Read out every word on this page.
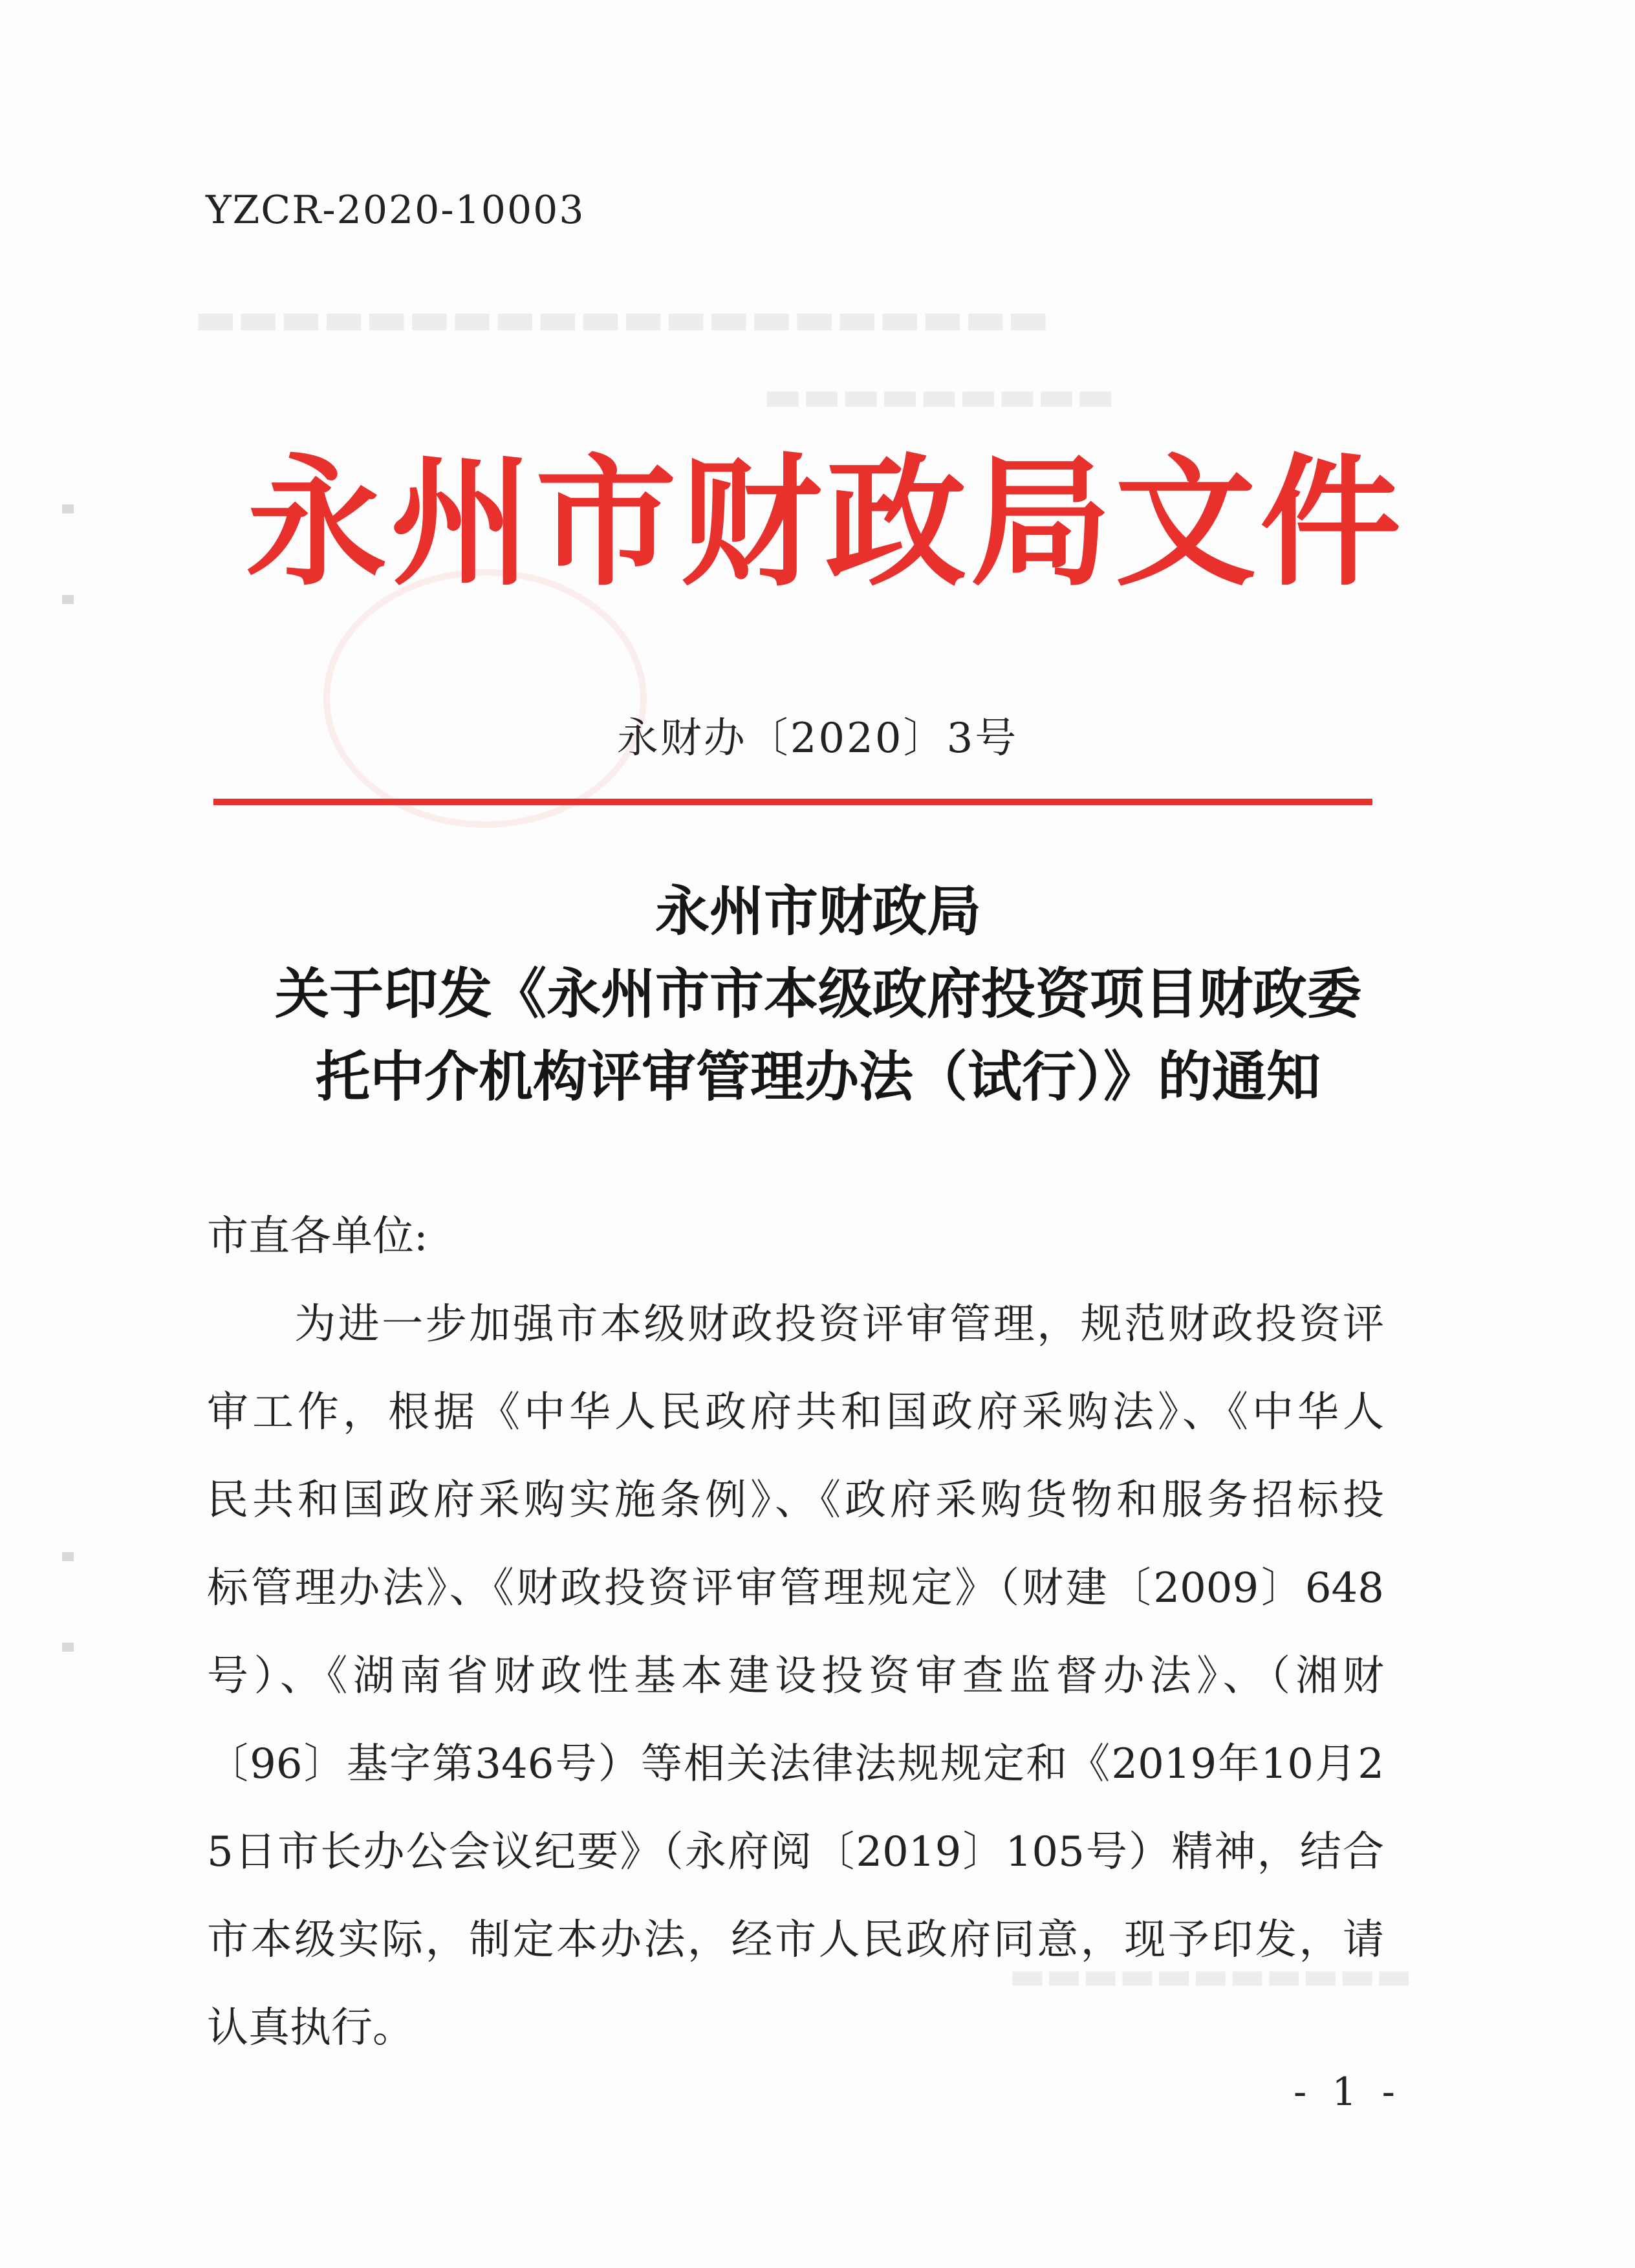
▬▬▬▬▬▬▬▬▬▬▬▬▬▬▬▬▬▬▬▬
▬▬▬▬▬▬▬▬▬
▬▬▬▬▬▬▬▬▬▬▬
YZCR-2020-10003
永州市财政局文件
永财办〔2020〕3号
永州市财政局
关于印发《永州市市本级政府投资项目财政委
托中介机构评审管理办法（试行）》的通知
市直各单位:
　　为进一步加强市本级财政投资评审管理，规范财政投资评
审工作，根据《中华人民政府共和国政府采购法》、《中华人
民共和国政府采购实施条例》、《政府采购货物和服务招标投
标管理办法》、《财政投资评审管理规定》（财建〔2009〕648
号）、《湖南省财政性基本建设投资审查监督办法》、（湘财
〔96〕基字第346号）等相关法律法规规定和《2019年10月2
5日市长办公会议纪要》（永府阅〔2019〕105号）精神，结合
市本级实际，制定本办法，经市人民政府同意，现予印发，请
认真执行。
- 1 -
